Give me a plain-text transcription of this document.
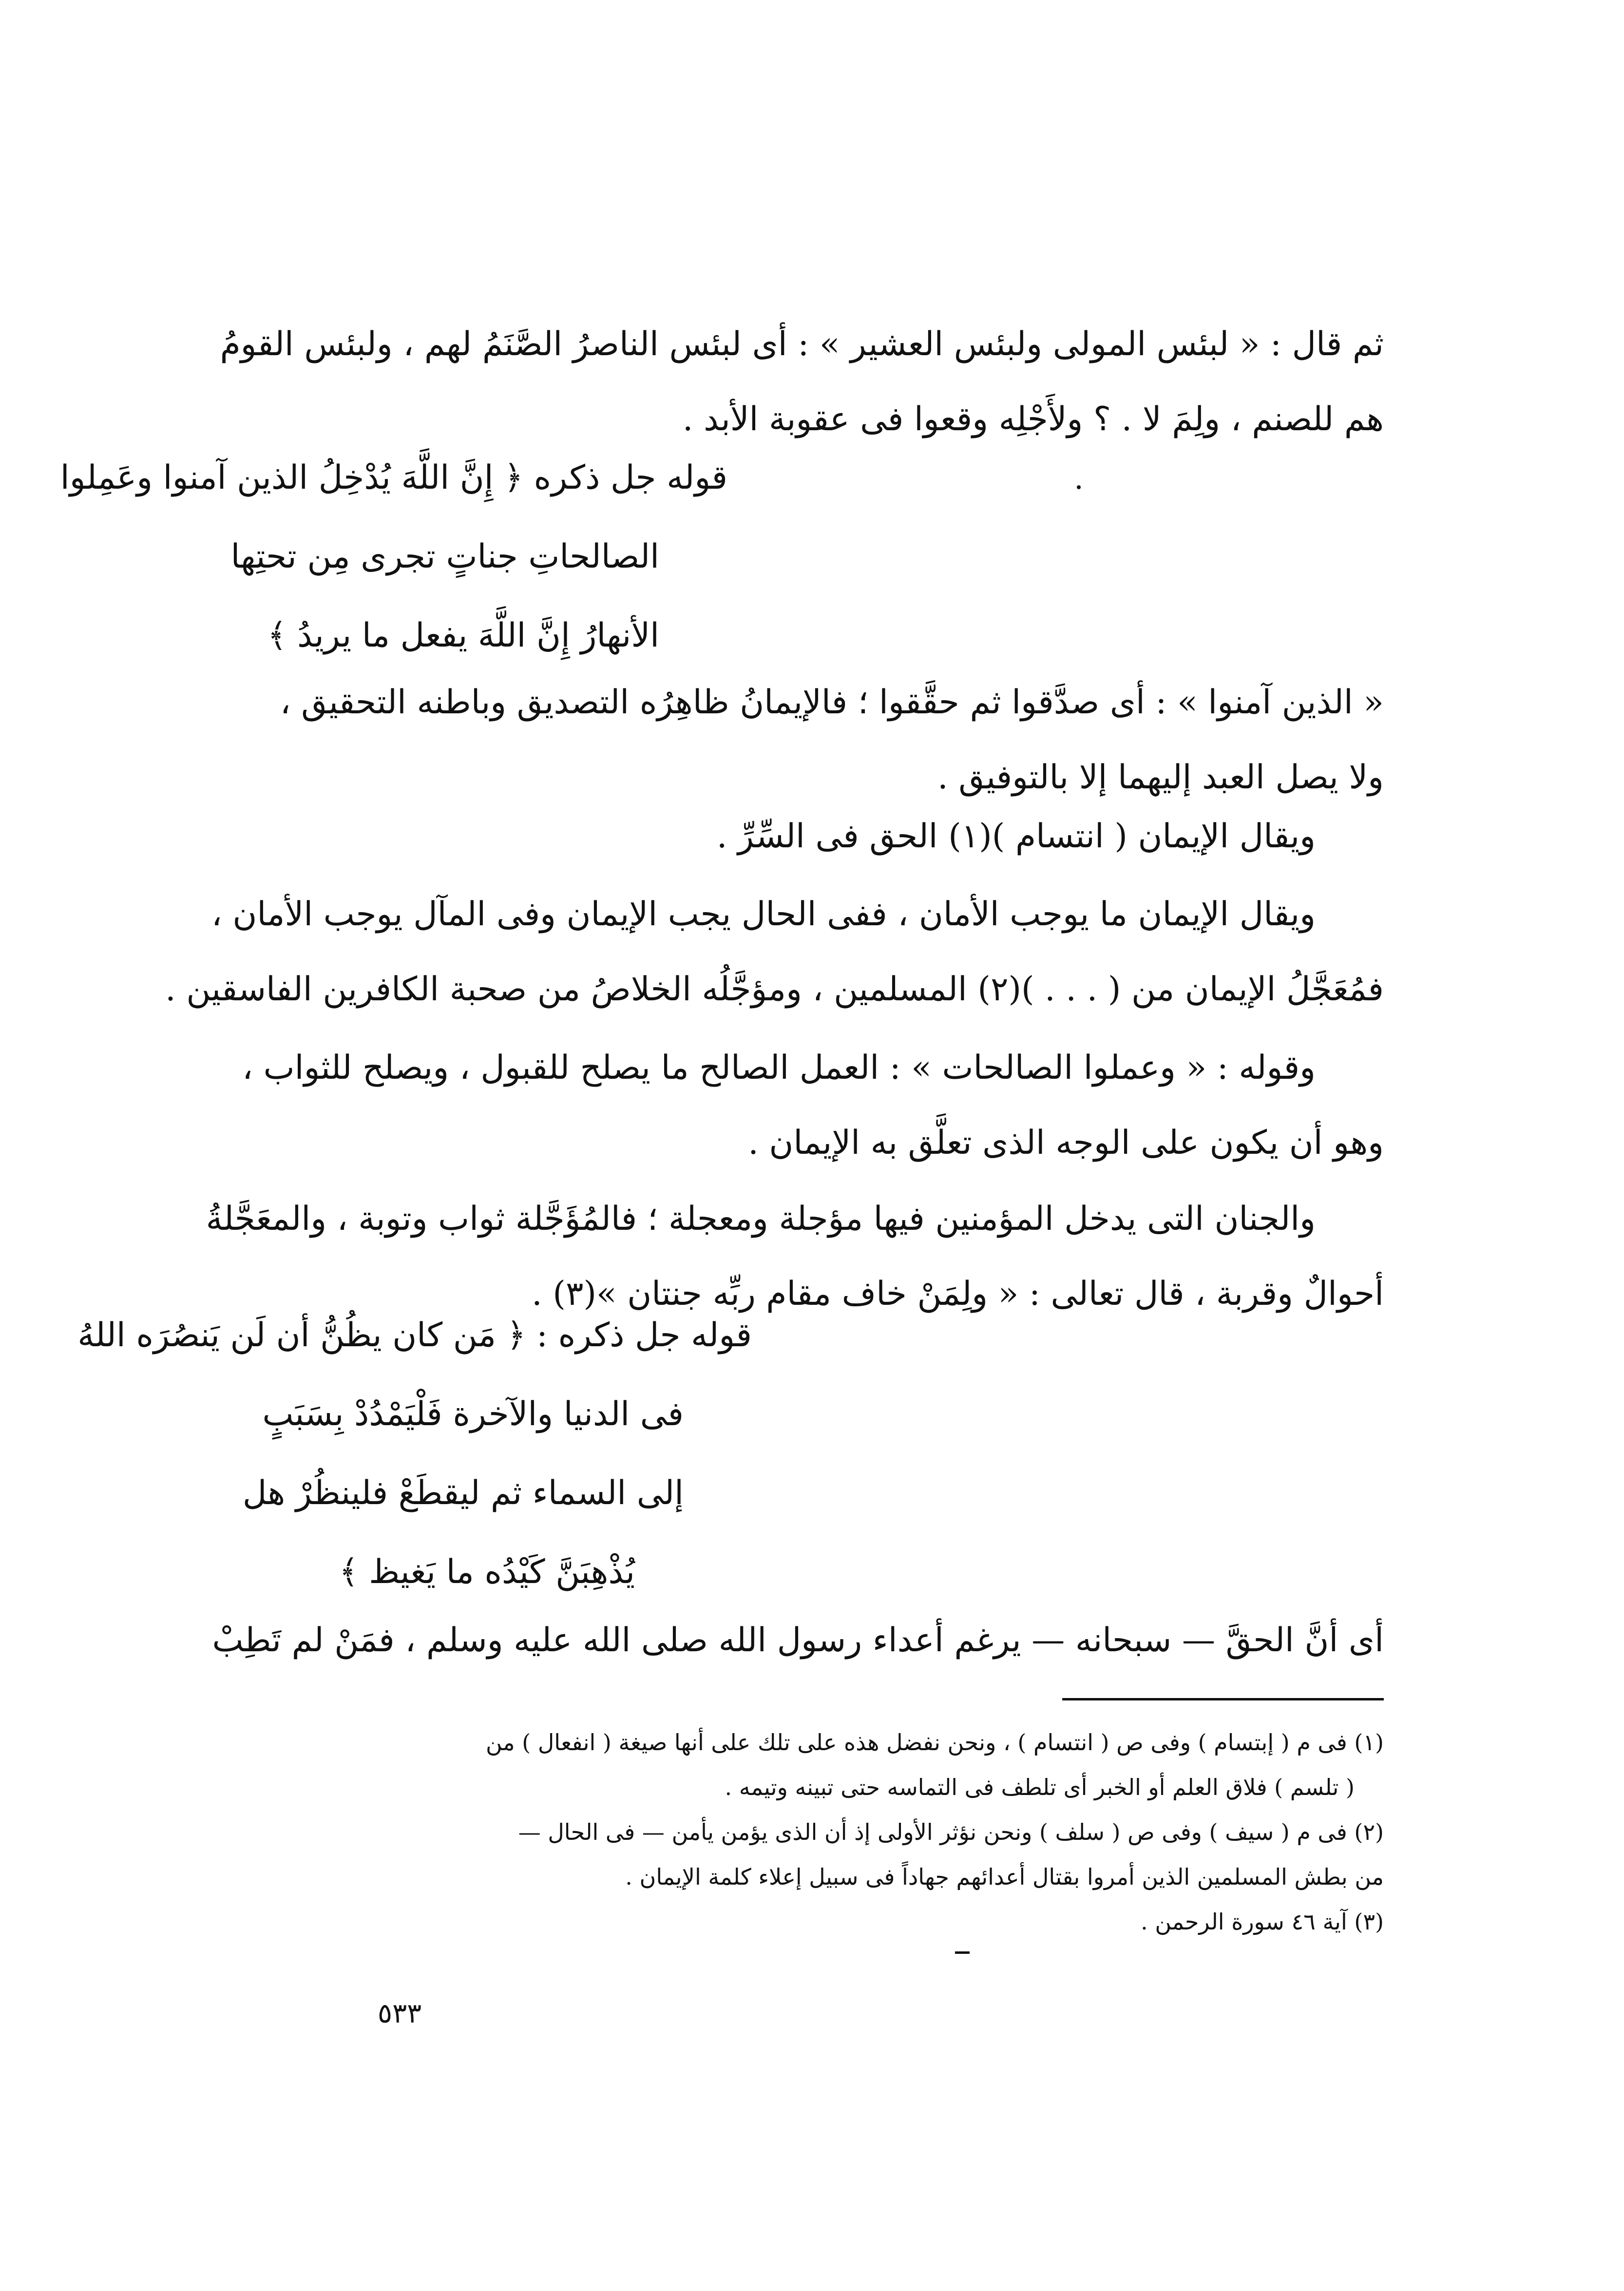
ثم قال : « لبئس المولى ولبئس العشير » : أى لبئس الناصرُ الصَّنَمُ لهم ، ولبئس القومُ
هم للصنم ، ولِمَ لا . ؟ ولأَجْلِه وقعوا فى عقوبة الأبد .
قوله جل ذكره ﴿ إِنَّ اللَّهَ يُدْخِلُ الذين آمنوا وعَمِلوا
الصالحاتِ جناتٍ تجرى مِن تحتِها
الأنهارُ إِنَّ اللَّهَ يفعل ما يريدُ ﴾
« الذين آمنوا » : أى صدَّقوا ثم حقَّقوا ؛ فالإيمانُ ظاهِرُه التصديق وباطنه التحقيق ،
ولا يصل العبد إليهما إلا بالتوفيق .
ويقال الإيمان ( انتسام )(١) الحق فى السِّرِّ .
ويقال الإيمان ما يوجب الأمان ، ففى الحال يجب الإيمان وفى المآل يوجب الأمان ،
فمُعَجَّلُ الإيمان من ( . . . )(٢) المسلمين ، ومؤجَّلُه الخلاصُ من صحبة الكافرين الفاسقين .
وقوله : « وعملوا الصالحات » : العمل الصالح ما يصلح للقبول ، ويصلح للثواب ،
وهو أن يكون على الوجه الذى تعلَّق به الإيمان .
والجنان التى يدخل المؤمنين فيها مؤجلة ومعجلة ؛ فالمُؤَجَّلة ثواب وتوبة ، والمعَجَّلةُ
أحوالٌ وقربة ، قال تعالى : « ولِمَنْ خاف مقام ربِّه جنتان »(٣) .
قوله جل ذكره : ﴿ مَن كان يظُنُّ أن لَن يَنصُرَه اللهُ
فى الدنيا والآخرة فَلْيَمْدُدْ بِسَبَبٍ
إلى السماء ثم ليقطَعْ فلينظُرْ هل
يُذْهِبَنَّ كَيْدُه ما يَغيظ ﴾
أى أنَّ الحقَّ — سبحانه — يرغم أعداء رسول الله صلى الله عليه وسلم ، فمَنْ لم تَطِبْ
(١) فى م ( إبتسام ) وفى ص ( انتسام ) ، ونحن نفضل هذه على تلك على أنها صيغة ( انفعال ) من
( تلسم ) فلاق العلم أو الخبر أى تلطف فى التماسه حتى تبينه وتيمه .
(٢) فى م ( سيف ) وفى ص ( سلف ) ونحن نؤثر الأولى إذ أن الذى يؤمن يأمن — فى الحال —
من بطش المسلمين الذين أمروا بقتال أعدائهم جهاداً فى سبيل إعلاء كلمة الإيمان .
(٣) آية ٤٦ سورة الرحمن .
٥٣٣
